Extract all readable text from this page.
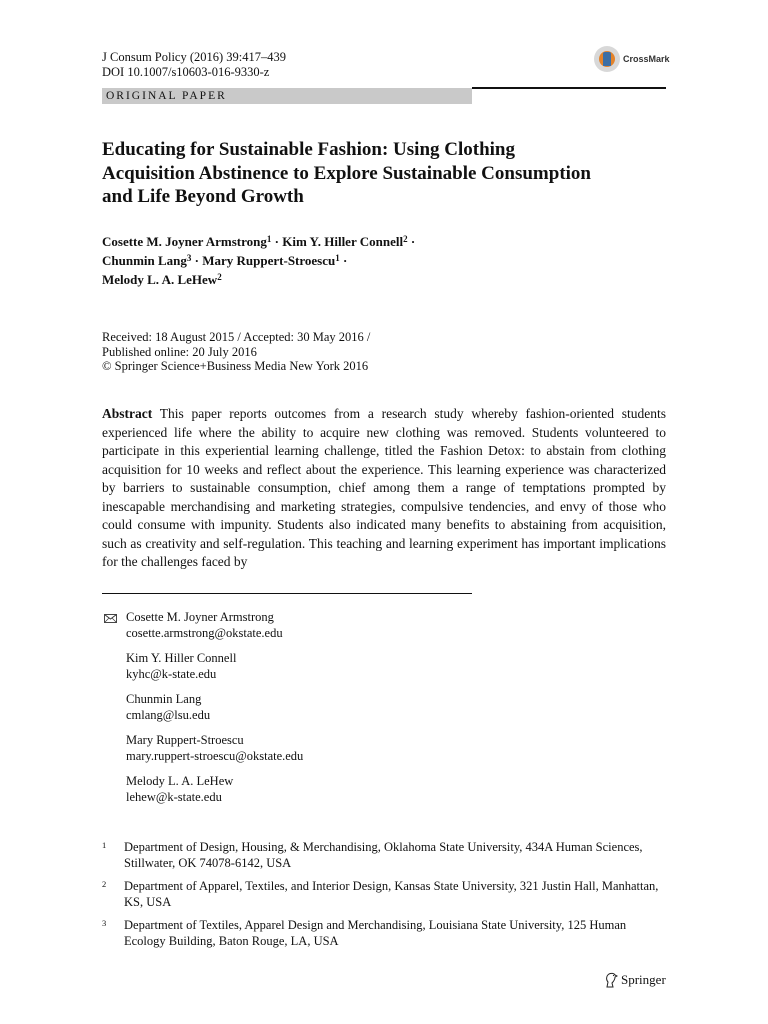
J Consum Policy (2016) 39:417–439
DOI 10.1007/s10603-016-9330-z
CrossMark
ORIGINAL PAPER
Educating for Sustainable Fashion: Using Clothing Acquisition Abstinence to Explore Sustainable Consumption and Life Beyond Growth
Cosette M. Joyner Armstrong$^1$ · Kim Y. Hiller Connell$^2$ ·
Chunmin Lang$^3$ · Mary Ruppert-Stroescu$^1$ ·
Melody L. A. LeHew$^2$
Received: 18 August 2015 / Accepted: 30 May 2016 /
Published online: 20 July 2016
© Springer Science+Business Media New York 2016
Abstract This paper reports outcomes from a research study whereby fashion-oriented students experienced life where the ability to acquire new clothing was removed. Students volunteered to participate in this experiential learning challenge, titled the Fashion Detox: to abstain from clothing acquisition for 10 weeks and reflect about the experience. This learning experience was characterized by barriers to sustainable consumption, chief among them a range of temptations prompted by inescapable merchandising and marketing strategies, compulsive tendencies, and envy of those who could consume with impunity. Students also indicated many benefits to abstaining from acquisition, such as creativity and self-regulation. This teaching and learning experiment has important implications for the challenges faced by
Cosette M. Joyner Armstrong
cosette.armstrong@okstate.edu
Kim Y. Hiller Connell
kyhc@k-state.edu
Chunmin Lang
cmlang@lsu.edu
Mary Ruppert-Stroescu
mary.ruppert-stroescu@okstate.edu
Melody L. A. LeHew
lehew@k-state.edu
1	Department of Design, Housing, & Merchandising, Oklahoma State University, 434A Human Sciences, Stillwater, OK 74078-6142, USA
2	Department of Apparel, Textiles, and Interior Design, Kansas State University, 321 Justin Hall, Manhattan, KS, USA
3	Department of Textiles, Apparel Design and Merchandising, Louisiana State University, 125 Human Ecology Building, Baton Rouge, LA, USA
Springer
